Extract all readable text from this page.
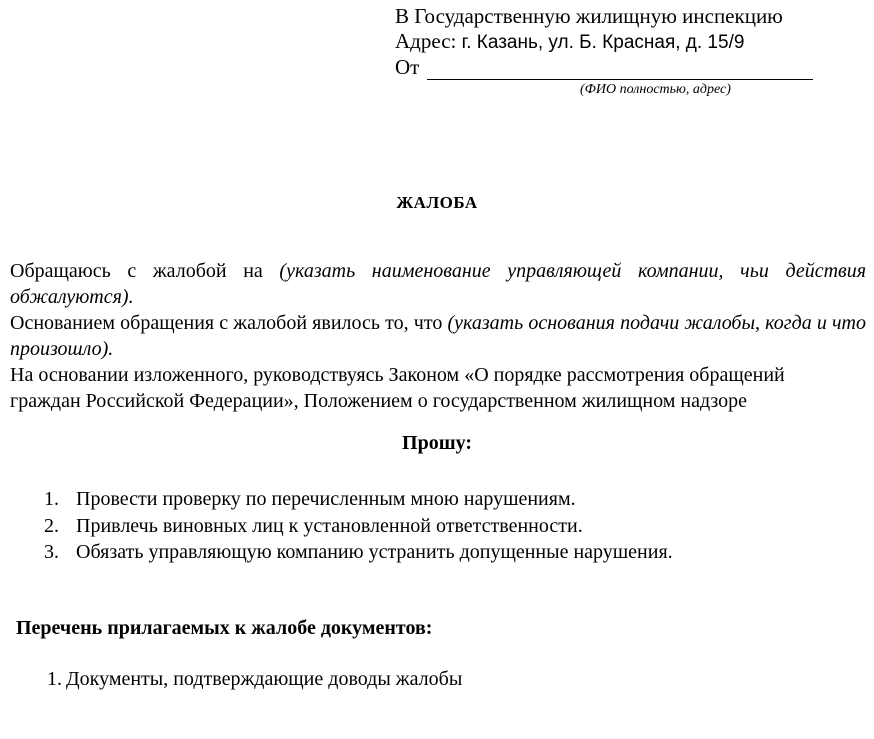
В Государственную жилищную инспекцию
Адрес: г. Казань, ул. Б. Красная, д. 15/9
От
(ФИО полностью, адрес)
ЖАЛОБА

Обращаюсь с жалобой на (указать наименование управляющей компании, чьи действия обжалуются).

Основанием обращения с жалобой явилось то, что (указать основания подачи жалобы, когда и что произошло).

На основании изложенного, руководствуясь Законом «О порядке рассмотрения обращений
граждан Российской Федерации», Положением о государственном жилищном надзоре

Прошу:
1. Провести проверку по перечисленным мною нарушениям.
2. Привлечь виновных лиц к установленной ответственности.
3. Обязать управляющую компанию устранить допущенные нарушения.
Перечень прилагаемых к жалобе документов:
1. Документы, подтверждающие доводы жалобы
